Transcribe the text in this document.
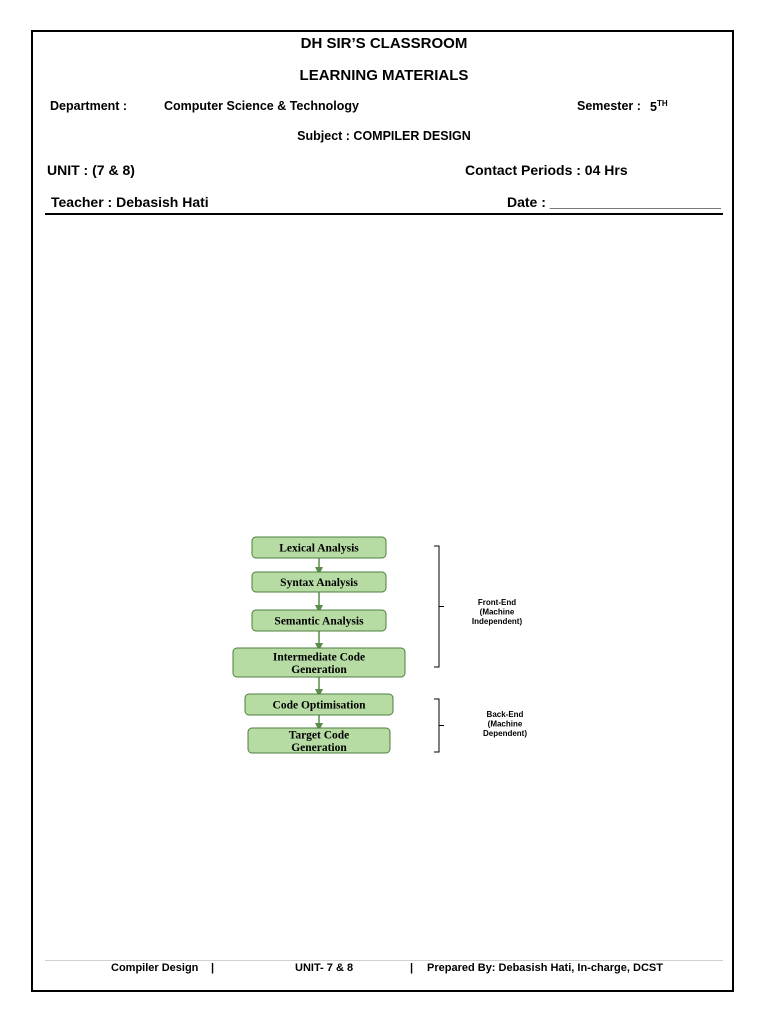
DH SIR’S CLASSROOM
LEARNING MATERIALS
Department :	Computer Science & Technology	Semester : 5TH
Subject : COMPILER DESIGN
UNIT : (7 & 8)	Contact Periods : 04 Hrs
Teacher : Debasish Hati	Date : ______________________
Lexical Analysis
Syntax Analysis
Semantic Analysis
Intermediate Code
Generation
Code Optimisation
Target Code
Generation
Front-End
(Machine
Independent)
Back-End
(Machine
Dependent)
Compiler Design |	UNIT- 7 & 8	| Prepared By: Debasish Hati, In-charge, DCST
